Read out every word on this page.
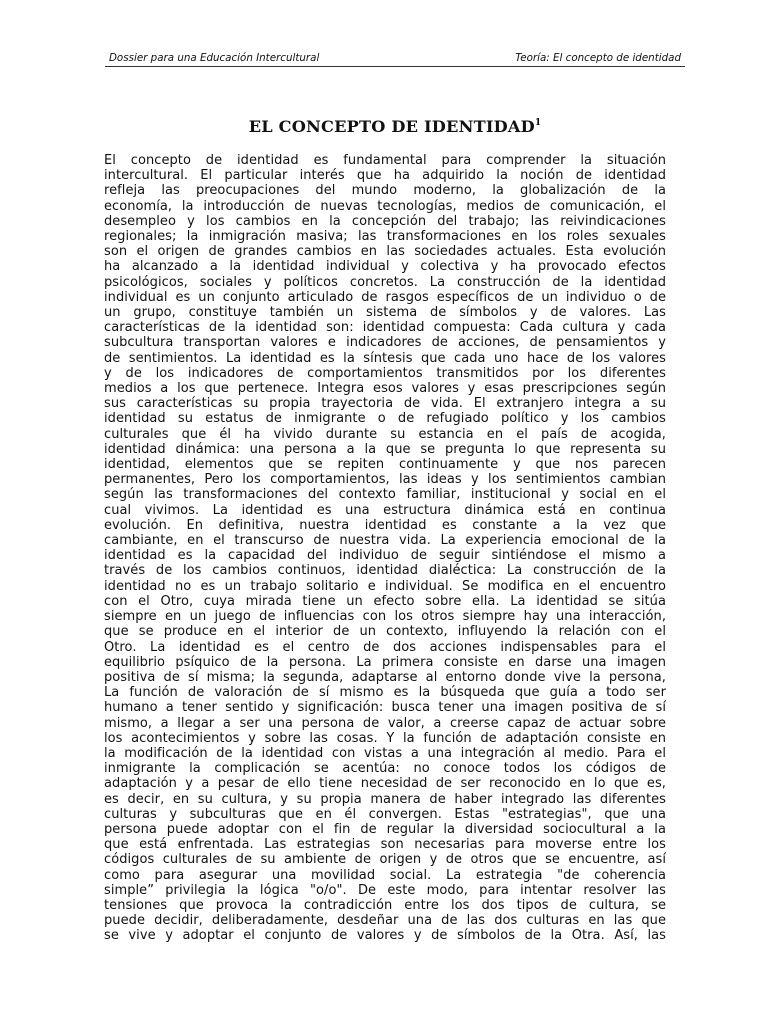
Dossier para una Educación Intercultural	Teoría: El concepto de identidad
EL CONCEPTO DE IDENTIDAD$^1$
El concepto de identidad es fundamental para comprender la situación
intercultural. El particular interés que ha adquirido la noción de identidad
refleja las preocupaciones del mundo moderno, la globalización de la
economía, la introducción de nuevas tecnologías, medios de comunicación, el
desempleo y los cambios en la concepción del trabajo; las reivindicaciones
regionales; la inmigración masiva; las transformaciones en los roles sexuales
son el origen de grandes cambios en las sociedades actuales. Esta evolución
ha alcanzado a la identidad individual y colectiva y ha provocado efectos
psicológicos, sociales y políticos concretos. La construcción de la identidad
individual es un conjunto articulado de rasgos específicos de un individuo o de
un grupo, constituye también un sistema de símbolos y de valores. Las
características de la identidad son: identidad compuesta: Cada cultura y cada
subcultura transportan valores e indicadores de acciones, de pensamientos y
de sentimientos. La identidad es la síntesis que cada uno hace de los valores
y de los indicadores de comportamientos transmitidos por los diferentes
medios a los que pertenece. Integra esos valores y esas prescripciones según
sus características su propia trayectoria de vida. El extranjero integra a su
identidad su estatus de inmigrante o de refugiado político y los cambios
culturales que él ha vivido durante su estancia en el país de acogida,
identidad dinámica: una persona a la que se pregunta lo que representa su
identidad, elementos que se repiten continuamente y que nos parecen
permanentes, Pero los comportamientos, las ideas y los sentimientos cambian
según las transformaciones del contexto familiar, institucional y social en el
cual vivimos. La identidad es una estructura dinámica está en continua
evolución. En definitiva, nuestra identidad es constante a la vez que
cambiante, en el transcurso de nuestra vida. La experiencia emocional de la
identidad es la capacidad del individuo de seguir sintiéndose el mismo a
través de los cambios continuos, identidad dialéctica: La construcción de la
identidad no es un trabajo solitario e individual. Se modifica en el encuentro
con el Otro, cuya mirada tiene un efecto sobre ella. La identidad se sitúa
siempre en un juego de influencias con los otros siempre hay una interacción,
que se produce en el interior de un contexto, influyendo la relación con el
Otro. La identidad es el centro de dos acciones indispensables para el
equilibrio psíquico de la persona. La primera consiste en darse una imagen
positiva de sí misma; la segunda, adaptarse al entorno donde vive la persona,
La función de valoración de sí mismo es la búsqueda que guía a todo ser
humano a tener sentido y significación: busca tener una imagen positiva de sí
mismo, a llegar a ser una persona de valor, a creerse capaz de actuar sobre
los acontecimientos y sobre las cosas. Y la función de adaptación consiste en
la modificación de la identidad con vistas a una integración al medio. Para el
inmigrante la complicación se acentúa: no conoce todos los códigos de
adaptación y a pesar de ello tiene necesidad de ser reconocido en lo que es,
es decir, en su cultura, y su propia manera de haber integrado las diferentes
culturas y subculturas que en él convergen. Estas "estrategias", que una
persona puede adoptar con el fin de regular la diversidad sociocultural a la
que está enfrentada. Las estrategias son necesarias para moverse entre los
códigos culturales de su ambiente de origen y de otros que se encuentre, así
como para asegurar una movilidad social. La estrategia "de coherencia
simple” privilegia la lógica "o/o". De este modo, para intentar resolver las
tensiones que provoca la contradicción entre los dos tipos de cultura, se
puede decidir, deliberadamente, desdeñar una de las dos culturas en las que
se vive y adoptar el conjunto de valores y de símbolos de la Otra. Así, las
